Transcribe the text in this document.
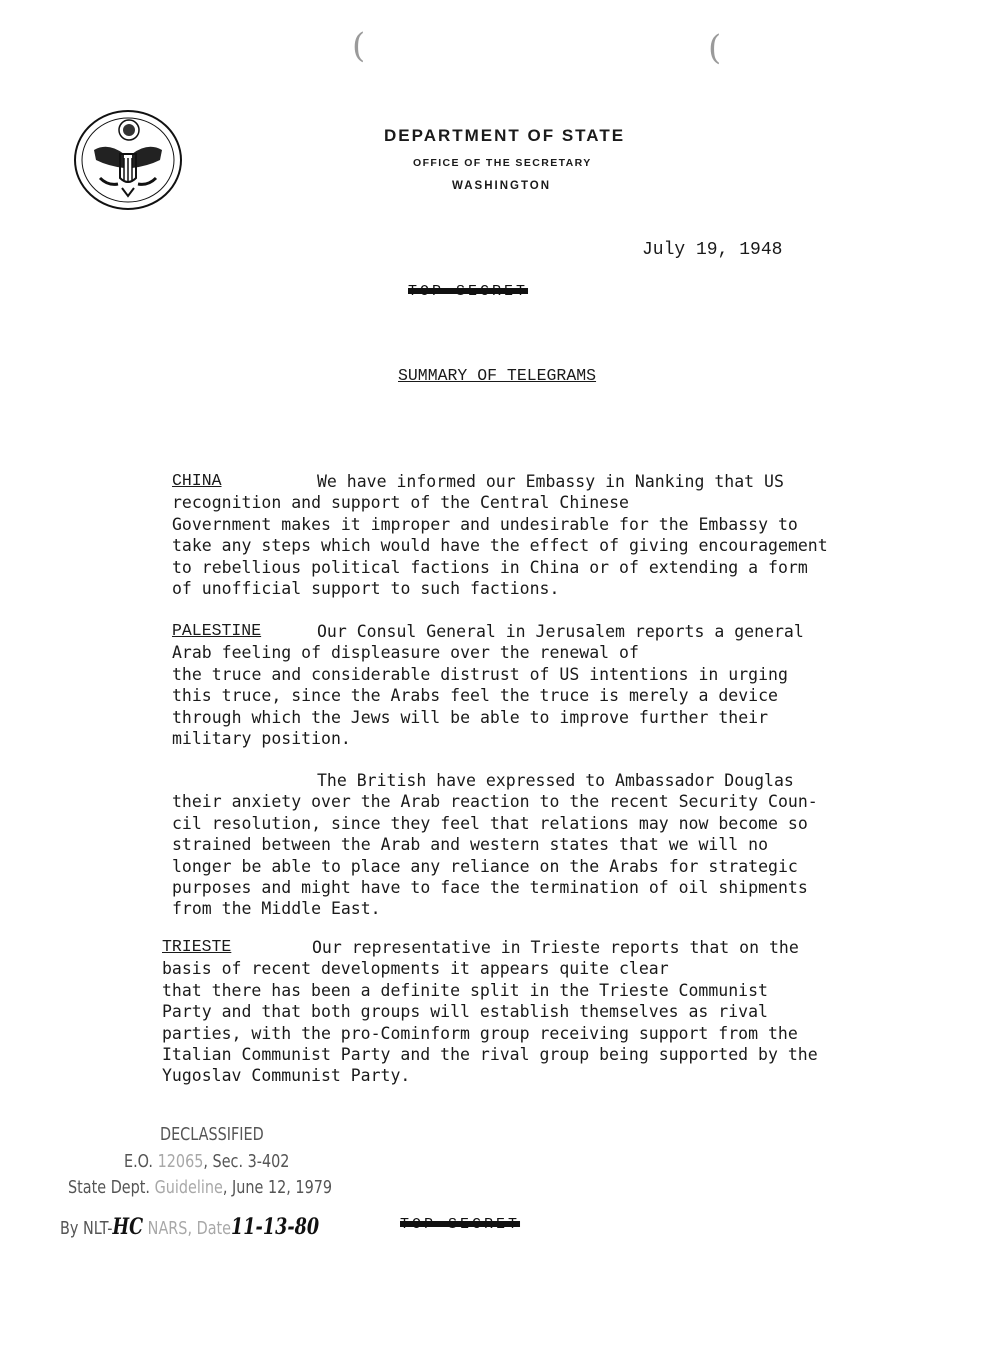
(	(
DEPARTMENT OF STATE
OFFICE OF THE SECRETARY
WASHINGTON
July 19, 1948
TOP SECRET
SUMMARY OF TELEGRAMS
CHINA	We have informed our Embassy in Nanking that US
recognition and support of the Central Chinese
Government makes it improper and undesirable for the Embassy to
take any steps which would have the effect of giving encouragement
to rebellious political factions in China or of extending a form
of unofficial support to such factions.
PALESTINE	Our Consul General in Jerusalem reports a general
Arab feeling of displeasure over the renewal of
the truce and considerable distrust of US intentions in urging
this truce, since the Arabs feel the truce is merely a device
through which the Jews will be able to improve further their
military position.
The British have expressed to Ambassador Douglas
their anxiety over the Arab reaction to the recent Security Coun-
cil resolution, since they feel that relations may now become so
strained between the Arab and western states that we will no
longer be able to place any reliance on the Arabs for strategic
purposes and might have to face the termination of oil shipments
from the Middle East.
TRIESTE	Our representative in Trieste reports that on the
basis of recent developments it appears quite clear
that there has been a definite split in the Trieste Communist
Party and that both groups will establish themselves as rival
parties, with the pro-Cominform group receiving support from the
Italian Communist Party and the rival group being supported by the
Yugoslav Communist Party.
DECLASSIFIED
E.O. 12065, Sec. 3-402
State Dept. Guideline, June 12, 1979
By NLT-HC NARS, Date11-13-80	TOP SECRET
